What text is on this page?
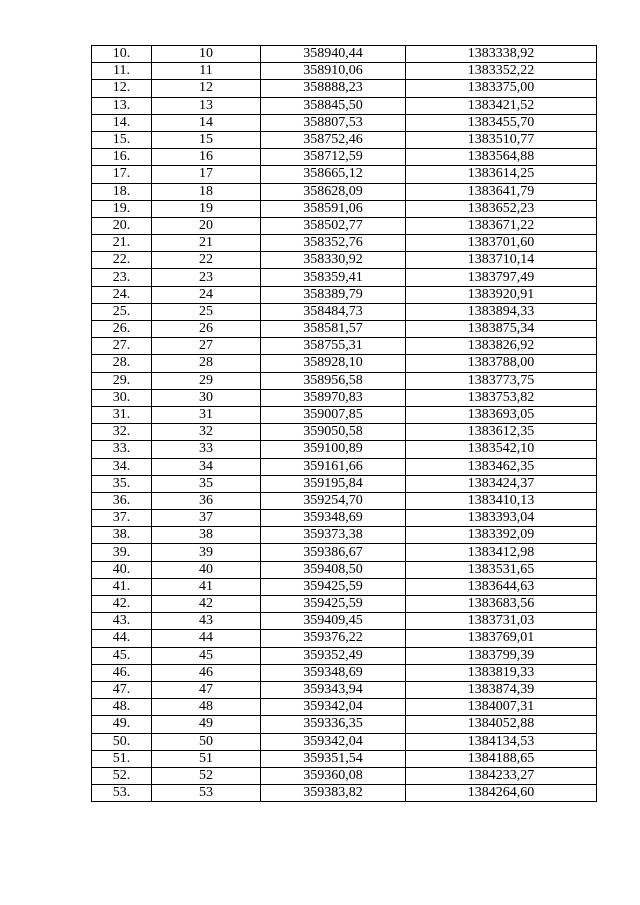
10.	10	358940,44	1383338,92
11.	11	358910,06	1383352,22
12.	12	358888,23	1383375,00
13.	13	358845,50	1383421,52
14.	14	358807,53	1383455,70
15.	15	358752,46	1383510,77
16.	16	358712,59	1383564,88
17.	17	358665,12	1383614,25
18.	18	358628,09	1383641,79
19.	19	358591,06	1383652,23
20.	20	358502,77	1383671,22
21.	21	358352,76	1383701,60
22.	22	358330,92	1383710,14
23.	23	358359,41	1383797,49
24.	24	358389,79	1383920,91
25.	25	358484,73	1383894,33
26.	26	358581,57	1383875,34
27.	27	358755,31	1383826,92
28.	28	358928,10	1383788,00
29.	29	358956,58	1383773,75
30.	30	358970,83	1383753,82
31.	31	359007,85	1383693,05
32.	32	359050,58	1383612,35
33.	33	359100,89	1383542,10
34.	34	359161,66	1383462,35
35.	35	359195,84	1383424,37
36.	36	359254,70	1383410,13
37.	37	359348,69	1383393,04
38.	38	359373,38	1383392,09
39.	39	359386,67	1383412,98
40.	40	359408,50	1383531,65
41.	41	359425,59	1383644,63
42.	42	359425,59	1383683,56
43.	43	359409,45	1383731,03
44.	44	359376,22	1383769,01
45.	45	359352,49	1383799,39
46.	46	359348,69	1383819,33
47.	47	359343,94	1383874,39
48.	48	359342,04	1384007,31
49.	49	359336,35	1384052,88
50.	50	359342,04	1384134,53
51.	51	359351,54	1384188,65
52.	52	359360,08	1384233,27
53.	53	359383,82	1384264,60
